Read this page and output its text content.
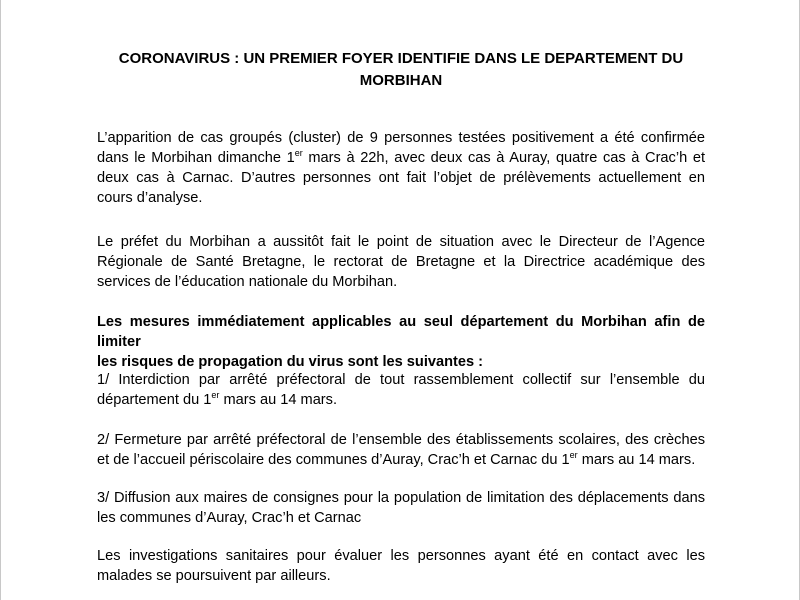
CORONAVIRUS : UN PREMIER FOYER IDENTIFIE DANS LE DEPARTEMENT DU
MORBIHAN

L’apparition de cas groupés (cluster) de 9 personnes testées positivement a été confirmée
dans le Morbihan dimanche 1er mars à 22h, avec deux cas à Auray, quatre cas à Crac’h et
deux cas à Carnac. D’autres personnes ont fait l’objet de prélèvements actuellement en
cours d’analyse.

Le préfet du Morbihan a aussitôt fait le point de situation avec le Directeur de l’Agence
Régionale de Santé Bretagne, le rectorat de Bretagne et la Directrice académique des
services de l’éducation nationale du Morbihan.

Les mesures immédiatement applicables au seul département du Morbihan afin de limiter
les risques de propagation du virus sont les suivantes :

1/ Interdiction par arrêté préfectoral de tout rassemblement collectif sur l’ensemble du
département du 1er mars au 14 mars.

2/ Fermeture par arrêté préfectoral de l’ensemble des établissements scolaires, des crèches
et de l’accueil périscolaire des communes d’Auray, Crac’h et Carnac du 1er mars au 14 mars.

3/ Diffusion aux maires de consignes pour la population de limitation des déplacements dans
les communes d’Auray, Crac’h et Carnac

Les investigations sanitaires pour évaluer les personnes ayant été en contact avec les
malades se poursuivent par ailleurs.
